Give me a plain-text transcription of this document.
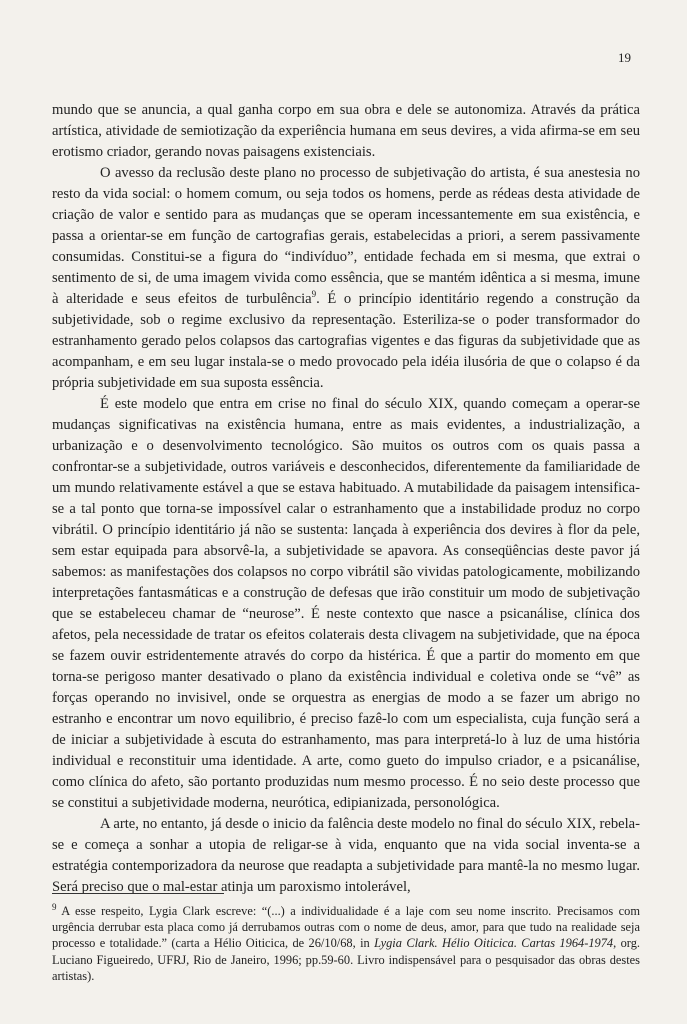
19

mundo que se anuncia, a qual ganha corpo em sua obra e dele se autonomiza. Através da prática artística, atividade de semiotização da experiência humana em seus devires, a vida afirma-se em seu erotismo criador, gerando novas paisagens existenciais.

O avesso da reclusão deste plano no processo de subjetivação do artista, é sua anestesia no resto da vida social: o homem comum, ou seja todos os homens, perde as rédeas desta atividade de criação de valor e sentido para as mudanças que se operam incessantemente em sua existência, e passa a orientar-se em função de cartografias gerais, estabelecidas a priori, a serem passivamente consumidas. Constitui-se a figura do “indivíduo”, entidade fechada em si mesma, que extrai o sentimento de si, de uma imagem vivida como essência, que se mantém idêntica a si mesma, imune à alteridade e seus efeitos de turbulência$^9$. É o princípio identitário regendo a construção da subjetividade, sob o regime exclusivo da representação. Esteriliza-se o poder transformador do estranhamento gerado pelos colapsos das cartografias vigentes e das figuras da subjetividade que as acompanham, e em seu lugar instala-se o medo provocado pela idéia ilusória de que o colapso é da própria subjetividade em sua suposta essência.

É este modelo que entra em crise no final do século XIX, quando começam a operar-se mudanças significativas na existência humana, entre as mais evidentes, a industrialização, a urbanização e o desenvolvimento tecnológico. São muitos os outros com os quais passa a confrontar-se a subjetividade, outros variáveis e desconhecidos, diferentemente da familiaridade de um mundo relativamente estável a que se estava habituado. A mutabilidade da paisagem intensifica-se a tal ponto que torna-se impossível calar o estranhamento que a instabilidade produz no corpo vibrátil. O princípio identitário já não se sustenta: lançada à experiência dos devires à flor da pele, sem estar equipada para absorvê-la, a subjetividade se apavora. As conseqüências deste pavor já sabemos: as manifestações dos colapsos no corpo vibrátil são vividas patologicamente, mobilizando interpretações fantasmáticas e a construção de defesas que irão constituir um modo de subjetivação que se estabeleceu chamar de “neurose”. É neste contexto que nasce a psicanálise, clínica dos afetos, pela necessidade de tratar os efeitos colaterais desta clivagem na subjetividade, que na época se fazem ouvir estridentemente através do corpo da histérica. É que a partir do momento em que torna-se perigoso manter desativado o plano da existência individual e coletiva onde se “vê” as forças operando no invisivel, onde se orquestra as energias de modo a se fazer um abrigo no estranho e encontrar um novo equilibrio, é preciso fazê-lo com um especialista, cuja função será a de iniciar a subjetividade à escuta do estranhamento, mas para interpretá-lo à luz de uma história individual e reconstituir uma identidade. A arte, como gueto do impulso criador, e a psicanálise, como clínica do afeto, são portanto produzidas num mesmo processo. É no seio deste processo que se constitui a subjetividade moderna, neurótica, edipianizada, personológica.

A arte, no entanto, já desde o inicio da falência deste modelo no final do século XIX, rebela-se e começa a sonhar a utopia de religar-se à vida, enquanto que na vida social inventa-se a estratégia contemporizadora da neurose que readapta a subjetividade para mantê-la no mesmo lugar. Será preciso que o mal-estar atinja um paroxismo intolerável,

$^9$ A esse respeito, Lygia Clark escreve: “(...) a individualidade é a laje com seu nome inscrito. Precisamos com urgência derrubar esta placa como já derrubamos outras com o nome de deus, amor, para que tudo na realidade seja processo e totalidade.” (carta a Hélio Oiticica, de 26/10/68, in Lygia Clark. Hélio Oiticica. Cartas 1964-1974, org. Luciano Figueiredo, UFRJ, Rio de Janeiro, 1996; pp.59-60. Livro indispensável para o pesquisador das obras destes artistas).
